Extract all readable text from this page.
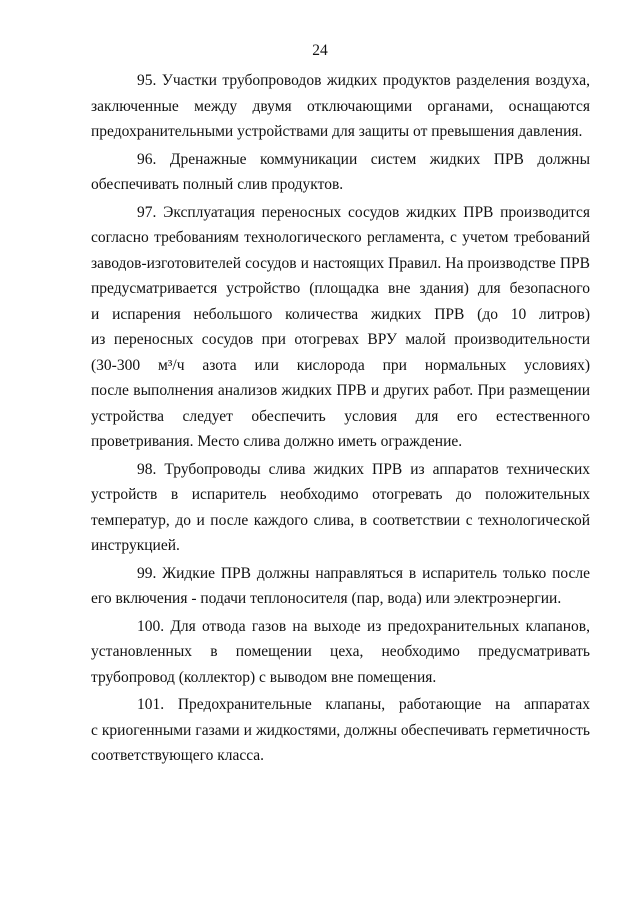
24

95. Участки трубопроводов жидких продуктов разделения воздуха,
заключенные между двумя отключающими органами, оснащаются
предохранительными устройствами для защиты от превышения давления.

96. Дренажные коммуникации систем жидких ПРВ должны
обеспечивать полный слив продуктов.

97. Эксплуатация переносных сосудов жидких ПРВ производится
согласно требованиям технологического регламента, с учетом требований
заводов-изготовителей сосудов и настоящих Правил. На производстве ПРВ
предусматривается устройство (площадка вне здания) для безопасного
и испарения небольшого количества жидких ПРВ (до 10 литров)
из переносных сосудов при отогревах ВРУ малой производительности
(30-300 м³/ч азота или кислорода при нормальных условиях)
после выполнения анализов жидких ПРВ и других работ. При размещении
устройства следует обеспечить условия для его естественного
проветривания. Место слива должно иметь ограждение.

98. Трубопроводы слива жидких ПРВ из аппаратов технических
устройств в испаритель необходимо отогревать до положительных
температур, до и после каждого слива, в соответствии с технологической
инструкцией.

99. Жидкие ПРВ должны направляться в испаритель только после
его включения - подачи теплоносителя (пар, вода) или электроэнергии.

100. Для отвода газов на выходе из предохранительных клапанов,
установленных в помещении цеха, необходимо предусматривать
трубопровод (коллектор) с выводом вне помещения.

101. Предохранительные клапаны, работающие на аппаратах
с криогенными газами и жидкостями, должны обеспечивать герметичность
соответствующего класса.
